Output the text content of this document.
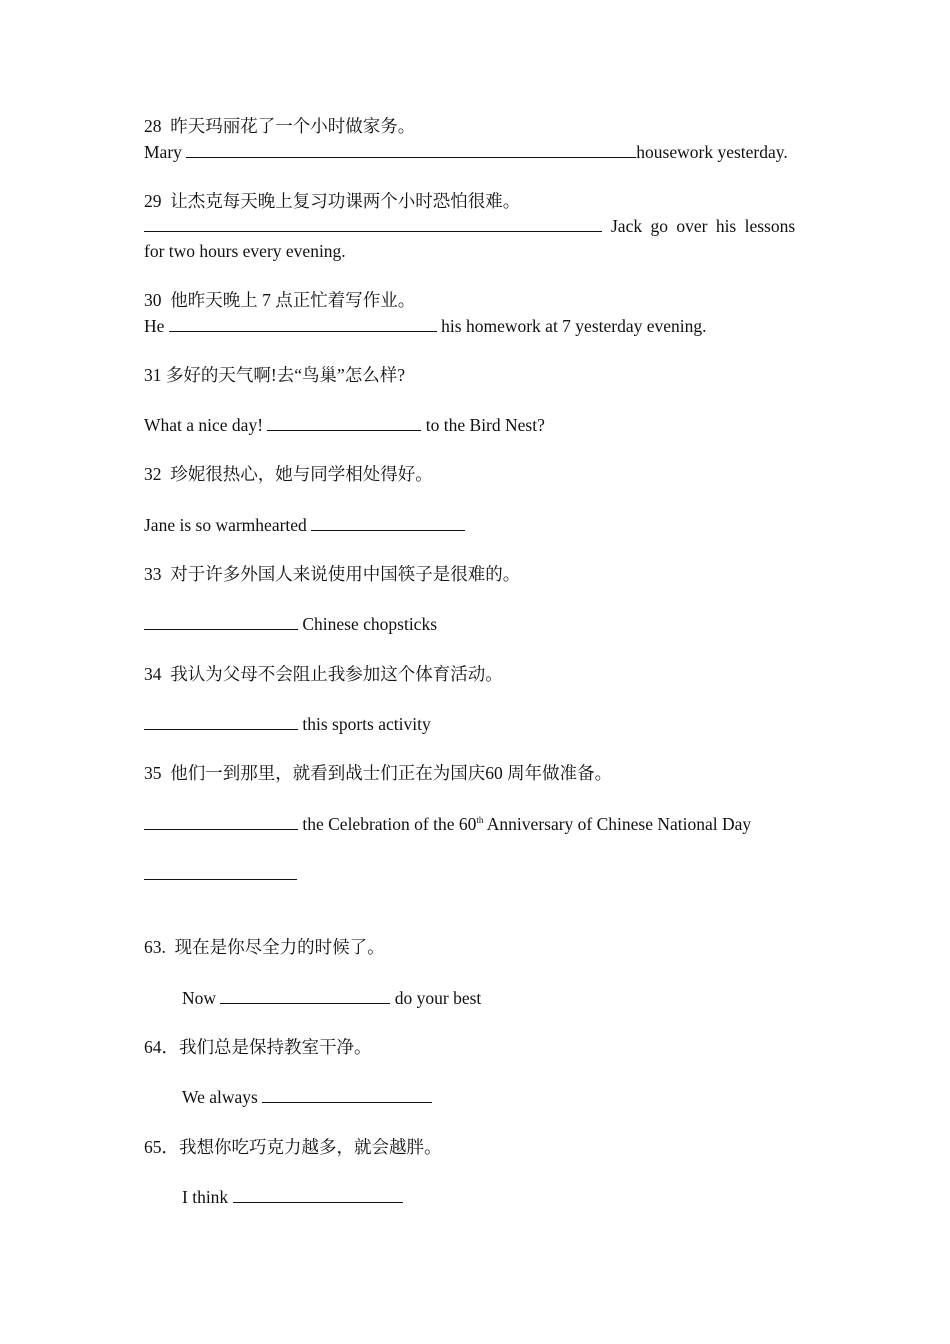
28 昨天玛丽花了一个小时做家务。
Mary	housework yesterday.
29 让杰克每天晚上复习功课两个小时恐怕很难。
Jack go over his lessons
for two hours every evening.
30 他昨天晚上 7 点正忙着写作业。
He	his homework at 7 yesterday evening.
31 多好的天气啊!去“鸟巢”怎么样?
What a nice day!	to the Bird Nest?
32 珍妮很热心，她与同学相处得好。
Jane is so warmhearted
33 对于许多外国人来说使用中国筷子是很难的。
Chinese chopsticks
34 我认为父母不会阻止我参加这个体育活动。
this sports activity
35 他们一到那里，就看到战士们正在为国庆60 周年做准备。
the Celebration of the 60th Anniversary of Chinese National Day
63. 现在是你尽全力的时候了。
Now	do your best
64．我们总是保持教室干净。
We always
65．我想你吃巧克力越多，就会越胖。
I think
